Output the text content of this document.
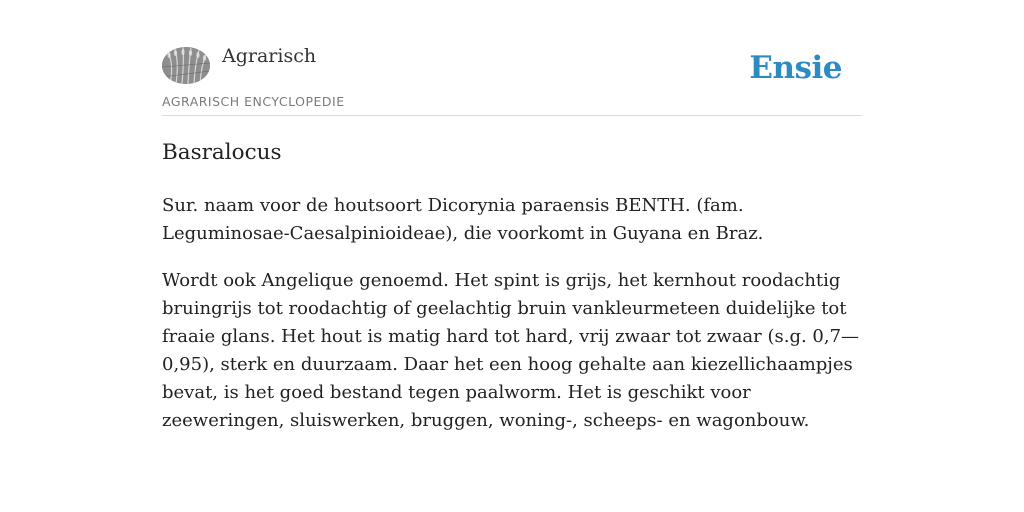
Agrarisch
AGRARISCH ENCYCLOPEDIE
Ensie
Basralocus

Sur. naam voor de houtsoort Dicorynia paraensis BENTH. (fam. Leguminosae-Caesalpinioideae), die voorkomt in Guyana en Braz.

Wordt ook Angelique genoemd. Het spint is grijs, het kernhout roodachtig bruingrijs tot roodachtig of geelachtig bruin vankleurmeteen duidelijke tot fraaie glans. Het hout is matig hard tot hard, vrij zwaar tot zwaar (s.g. 0,7— 0,95), sterk en duurzaam. Daar het een hoog gehalte aan kiezellichaampjes bevat, is het goed bestand tegen paalworm. Het is geschikt voor zeeweringen, sluiswerken, bruggen, woning-, scheeps- en wagonbouw.
